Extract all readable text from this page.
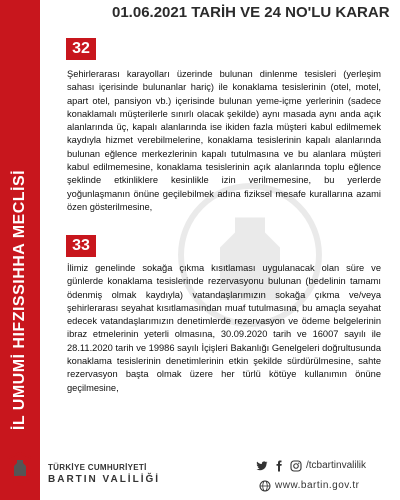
İL UMUMİ HIFZISSIHHA MECLİSİ
01.06.2021 TARİH VE 24 NO'LU KARAR
32

Şehirlerarası karayolları üzerinde bulunan dinlenme tesisleri (yerleşim sahası içerisinde bulunanlar hariç) ile konaklama tesislerinin (otel, motel, apart otel, pansiyon vb.) içerisinde bulunan yeme-içme yerlerinin (sadece konaklamalı müşterilerle sınırlı olacak şekilde) aynı masada aynı anda açık alanlarında üç, kapalı alanlarında ise ikiden fazla müşteri kabul edilmemek kaydıyla hizmet verebilmelerine, konaklama tesislerinin kapalı alanlarında bulunan eğlence merkezlerinin kapalı tutulmasına ve bu alanlara müşteri kabul edilmemesine, konaklama tesislerinin açık alanlarında toplu eğlence şeklinde etkinliklere kesinlikle izin verilmemesine, bu yerlerde yoğunlaşmanın önüne geçilebilmek adına fiziksel mesafe kurallarına azami özen gösterilmesine,

33

İlimiz genelinde sokağa çıkma kısıtlaması uygulanacak olan süre ve günlerde konaklama tesislerinde rezervasyonu bulunan (bedelinin tamamı ödenmiş olmak kaydıyla) vatandaşlarımızın sokağa çıkma ve/veya şehirlerarası seyahat kısıtlamasından muaf tutulmasına, bu amaçla seyahat edecek vatandaşlarımızın denetimlerde rezervasyon ve ödeme belgelerinin ibraz etmelerinin yeterli olmasına, 30.09.2020 tarih ve 16007 sayılı ile 28.11.2020 tarih ve 19986 sayılı İçişleri Bakanlığı Genelgeleri doğrultusunda konaklama tesislerinin denetimlerinin etkin şekilde sürdürülmesine, sahte rezervasyon başta olmak üzere her türlü kötüye kullanımın önüne geçilmesine,

TÜRKİYE CUMHURİYETİ
BARTIN VALİLİĞİ
/tcbartinvalilik
www.bartin.gov.tr
